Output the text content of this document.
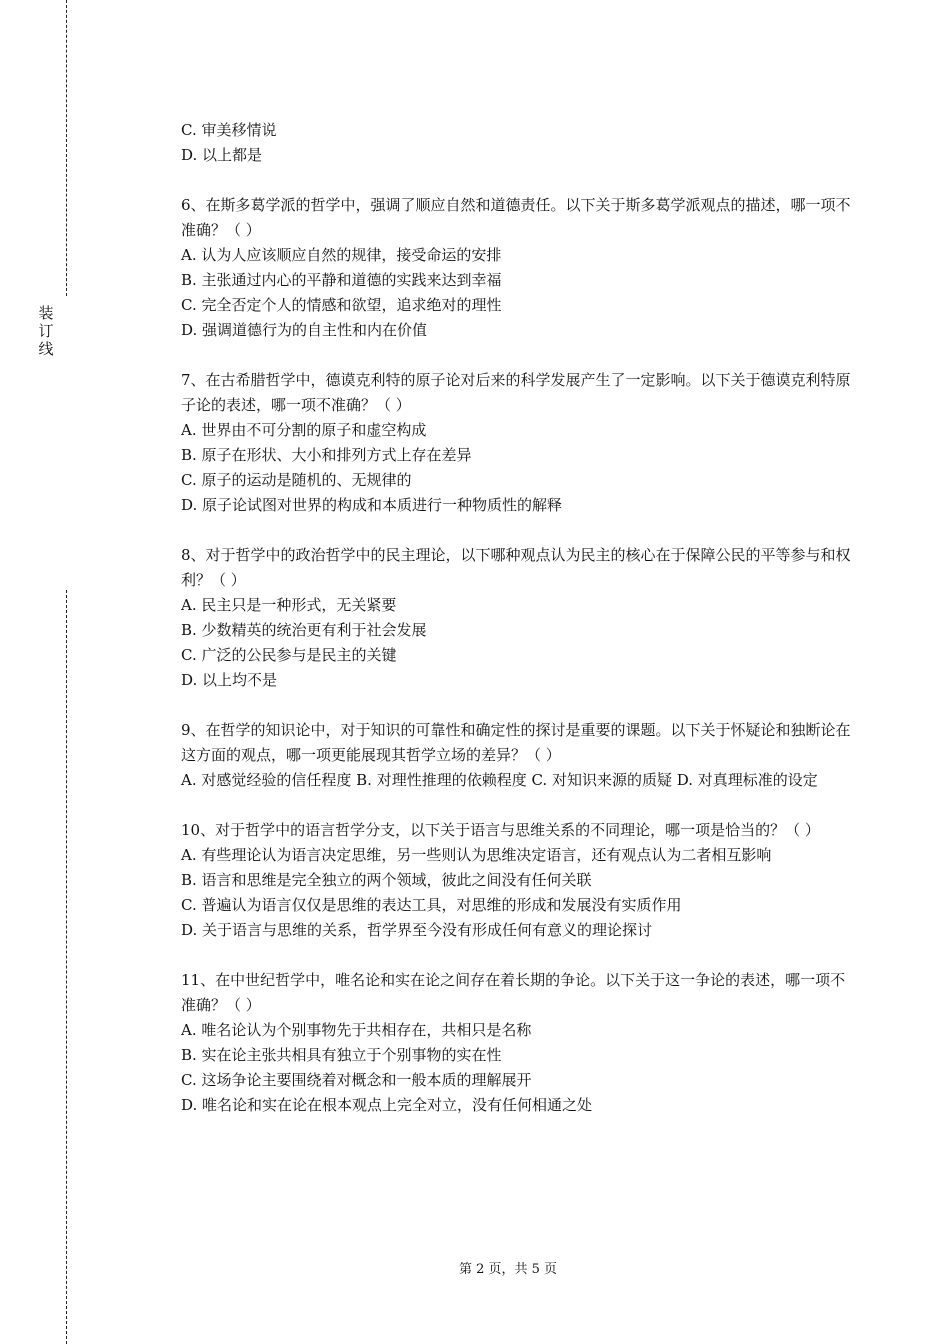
装订线
C. 审美移情说
D. 以上都是
6、在斯多葛学派的哲学中，强调了顺应自然和道德责任。以下关于斯多葛学派观点的描述，哪一项不准确？（ ）
A. 认为人应该顺应自然的规律，接受命运的安排
B. 主张通过内心的平静和道德的实践来达到幸福
C. 完全否定个人的情感和欲望，追求绝对的理性
D. 强调道德行为的自主性和内在价值
7、在古希腊哲学中，德谟克利特的原子论对后来的科学发展产生了一定影响。以下关于德谟克利特原子论的表述，哪一项不准确？（ ）
A. 世界由不可分割的原子和虚空构成
B. 原子在形状、大小和排列方式上存在差异
C. 原子的运动是随机的、无规律的
D. 原子论试图对世界的构成和本质进行一种物质性的解释
8、对于哲学中的政治哲学中的民主理论，以下哪种观点认为民主的核心在于保障公民的平等参与和权利？（ ）
A. 民主只是一种形式，无关紧要
B. 少数精英的统治更有利于社会发展
C. 广泛的公民参与是民主的关键
D. 以上均不是
9、在哲学的知识论中，对于知识的可靠性和确定性的探讨是重要的课题。以下关于怀疑论和独断论在这方面的观点，哪一项更能展现其哲学立场的差异？（ ）
A. 对感觉经验的信任程度 B. 对理性推理的依赖程度 C. 对知识来源的质疑 D. 对真理标准的设定
10、对于哲学中的语言哲学分支，以下关于语言与思维关系的不同理论，哪一项是恰当的？（ ）
A. 有些理论认为语言决定思维，另一些则认为思维决定语言，还有观点认为二者相互影响
B. 语言和思维是完全独立的两个领域，彼此之间没有任何关联
C. 普遍认为语言仅仅是思维的表达工具，对思维的形成和发展没有实质作用
D. 关于语言与思维的关系，哲学界至今没有形成任何有意义的理论探讨
11、在中世纪哲学中，唯名论和实在论之间存在着长期的争论。以下关于这一争论的表述，哪一项不准确？（ ）
A. 唯名论认为个别事物先于共相存在，共相只是名称
B. 实在论主张共相具有独立于个别事物的实在性
C. 这场争论主要围绕着对概念和一般本质的理解展开
D. 唯名论和实在论在根本观点上完全对立，没有任何相通之处
第 2 页，共 5 页
